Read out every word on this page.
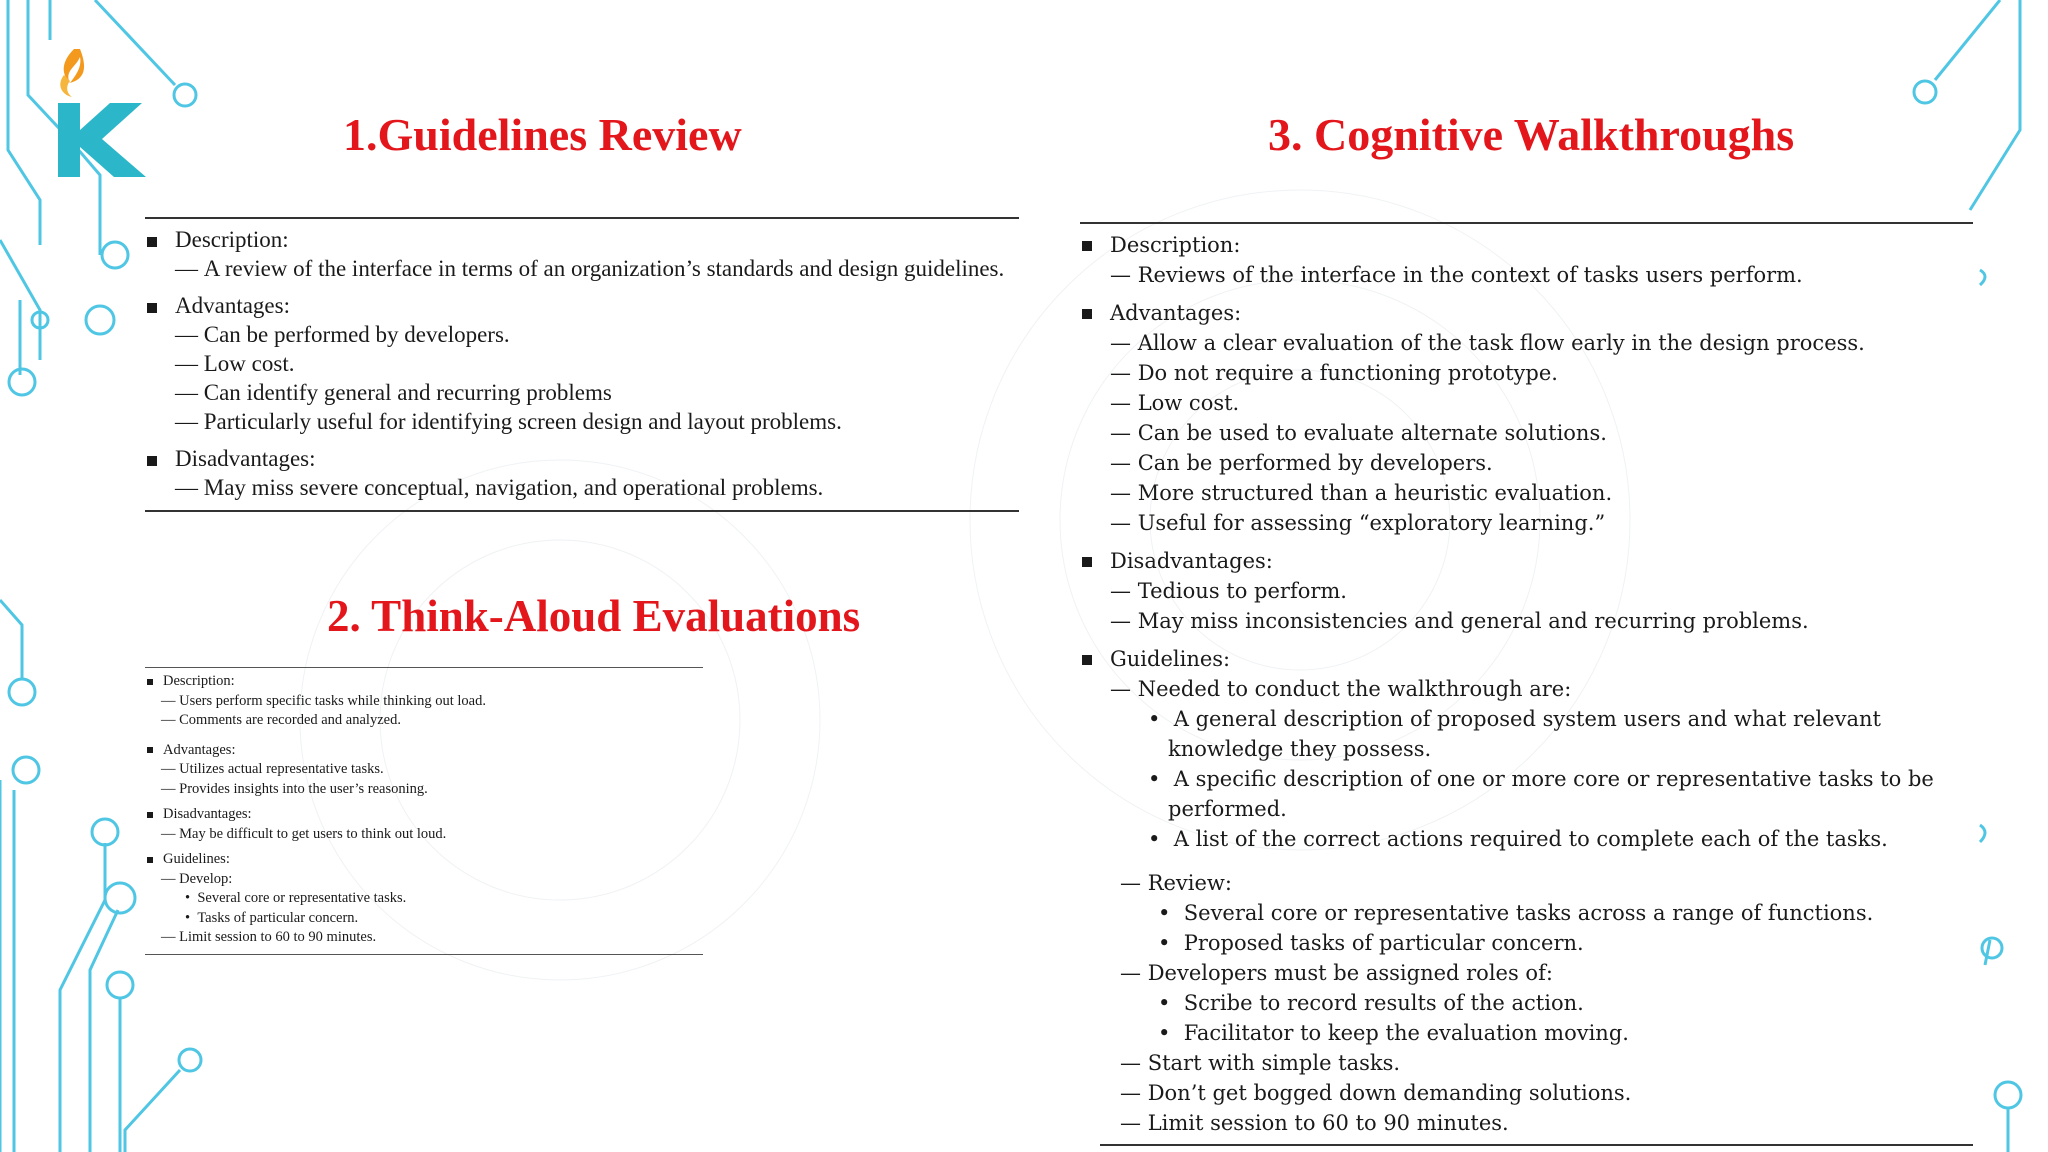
1.Guidelines Review
2. Think-Aloud Evaluations
3. Cognitive Walkthroughs
Description:
— A review of the interface in terms of an organization’s standards and design guidelines.
Advantages:
— Can be performed by developers.
— Low cost.
— Can identify general and recurring problems
— Particularly useful for identifying screen design and layout problems.
Disadvantages:
— May miss severe conceptual, navigation, and operational problems.
Description:
— Users perform specific tasks while thinking out load.
— Comments are recorded and analyzed.
Advantages:
— Utilizes actual representative tasks.
— Provides insights into the user’s reasoning.
Disadvantages:
— May be difficult to get users to think out loud.
Guidelines:
— Develop:
•  Several core or representative tasks.
•  Tasks of particular concern.
— Limit session to 60 to 90 minutes.
Description:
— Reviews of the interface in the context of tasks users perform.
Advantages:
— Allow a clear evaluation of the task flow early in the design process.
— Do not require a functioning prototype.
— Low cost.
— Can be used to evaluate alternate solutions.
— Can be performed by developers.
— More structured than a heuristic evaluation.
— Useful for assessing “exploratory learning.”
Disadvantages:
— Tedious to perform.
— May miss inconsistencies and general and recurring problems.
Guidelines:
— Needed to conduct the walkthrough are:
•  A general description of proposed system users and what relevant knowledge they possess.
•  A specific description of one or more core or representative tasks to be performed.
•  A list of the correct actions required to complete each of the tasks.
— Review:
•  Several core or representative tasks across a range of functions.
•  Proposed tasks of particular concern.
— Developers must be assigned roles of:
•  Scribe to record results of the action.
•  Facilitator to keep the evaluation moving.
— Start with simple tasks.
— Don’t get bogged down demanding solutions.
— Limit session to 60 to 90 minutes.
